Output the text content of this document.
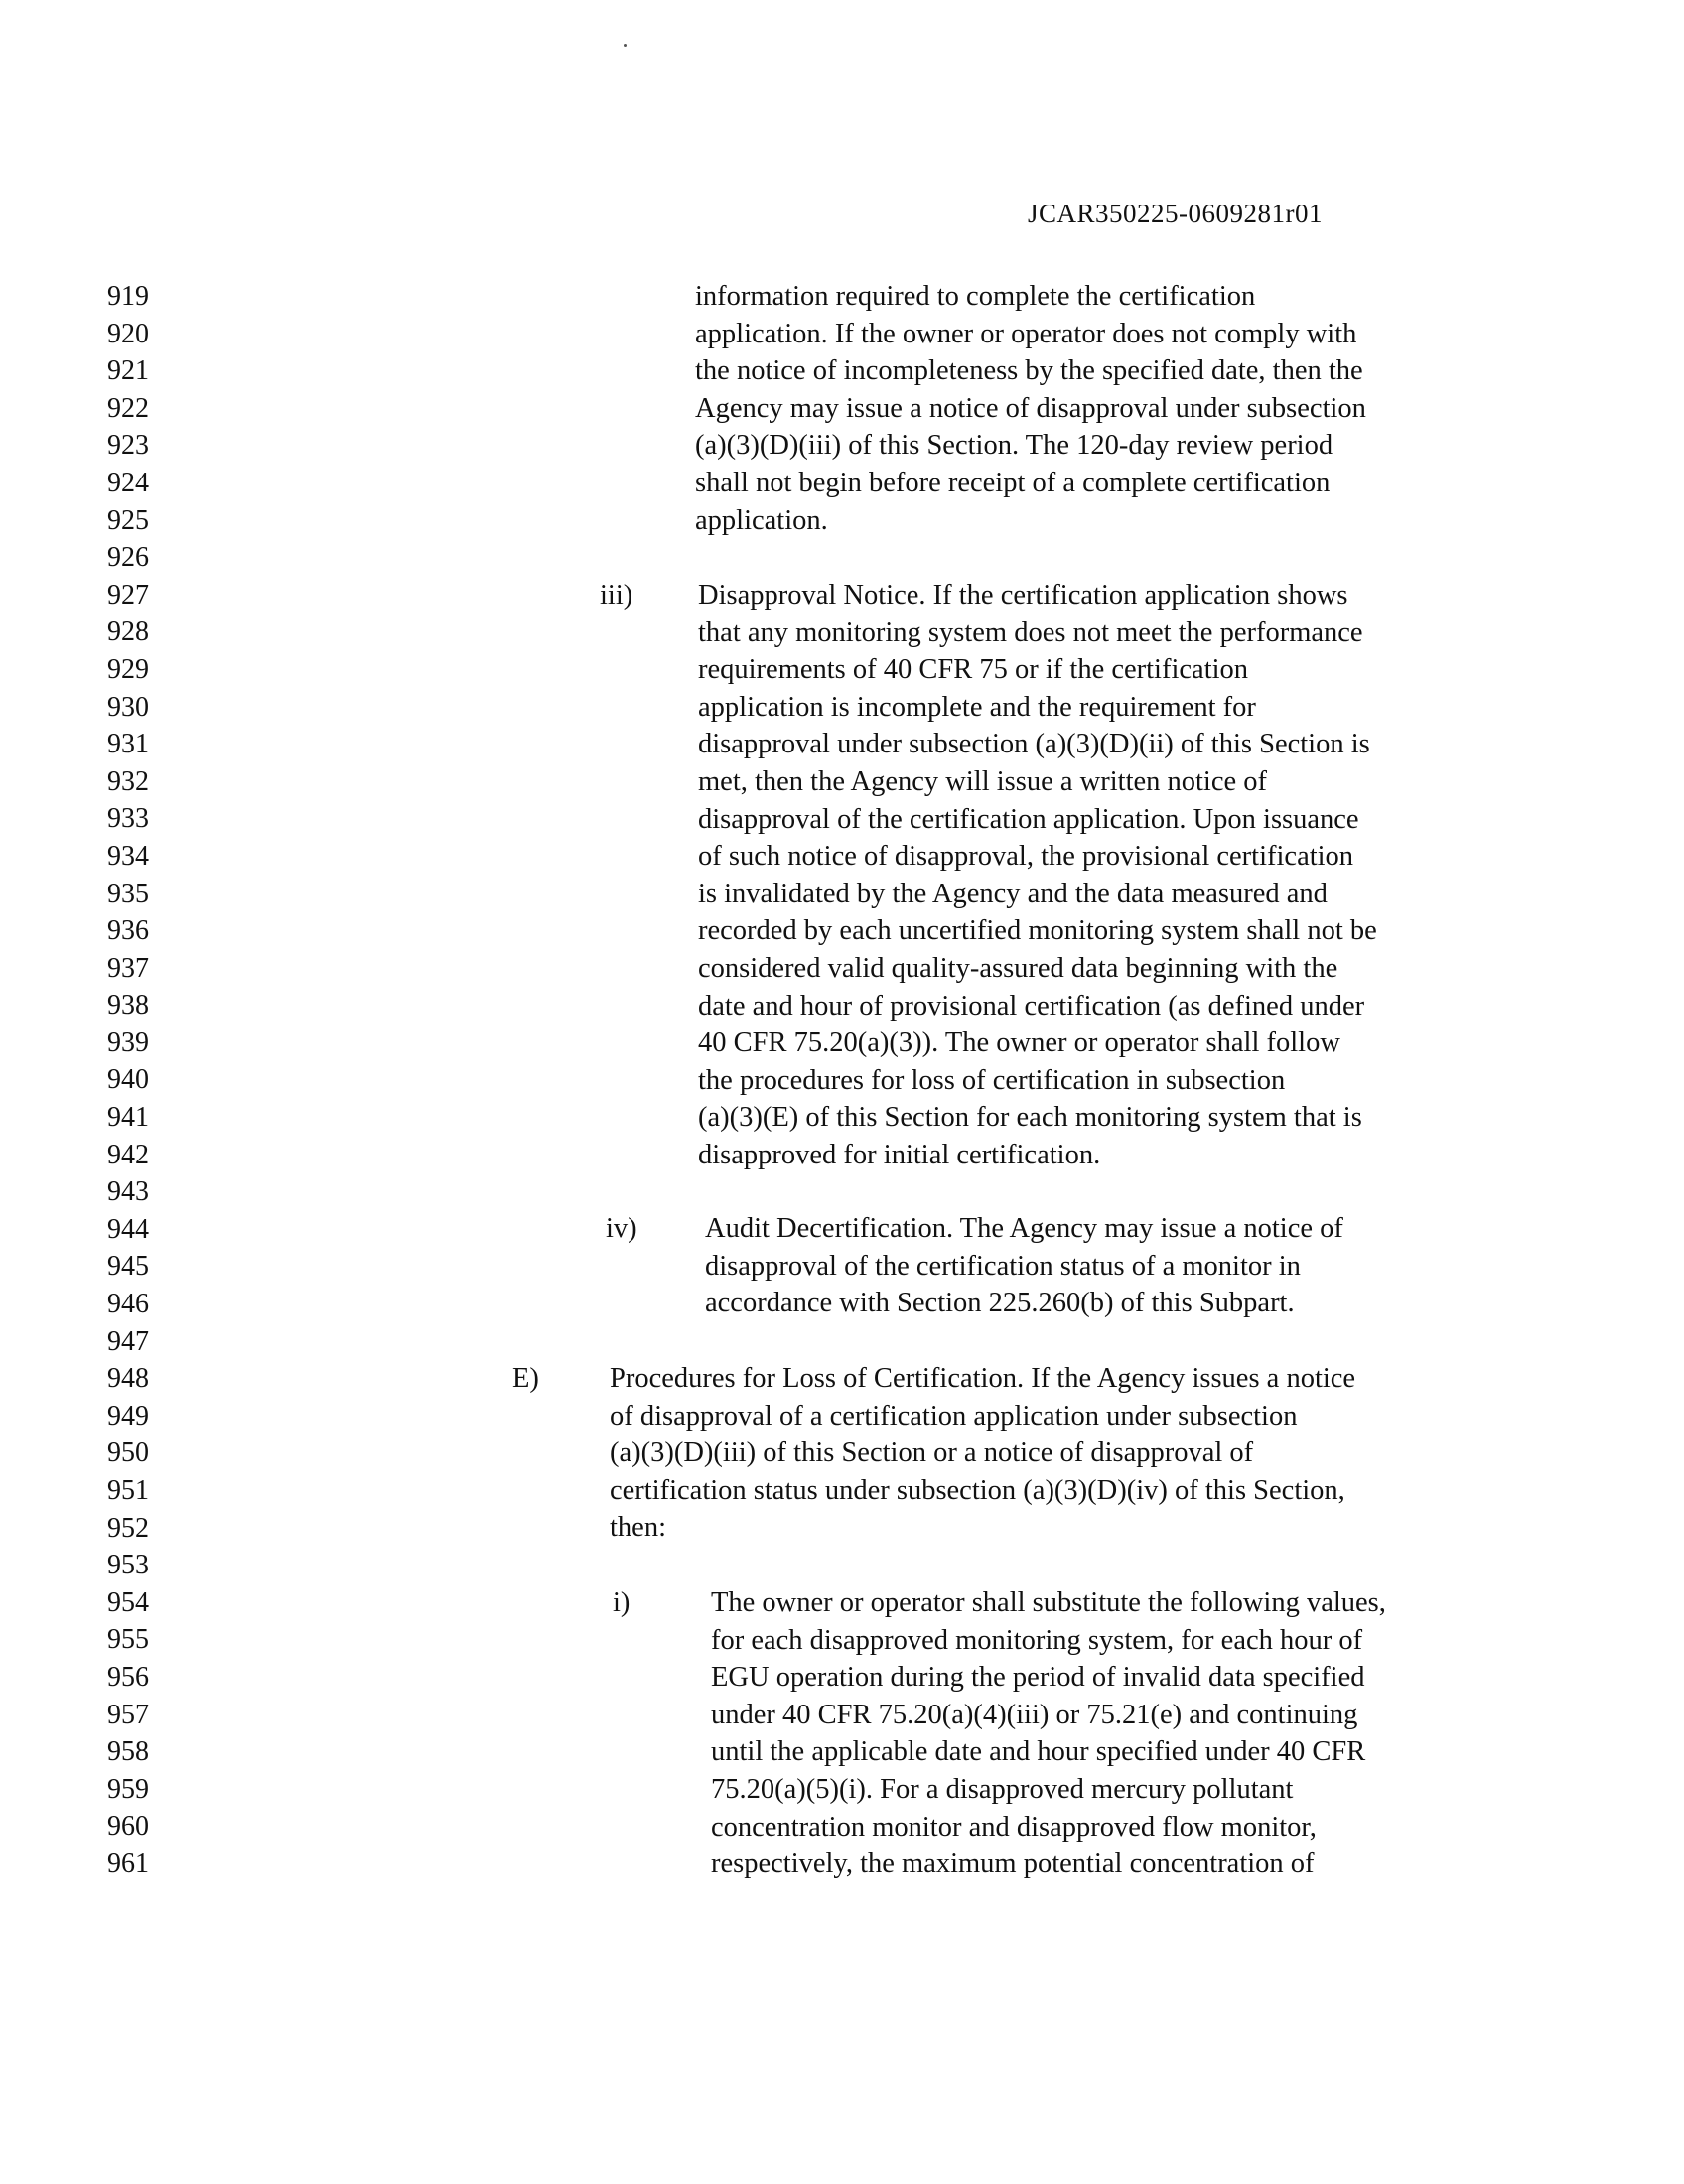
JCAR350225-0609281r01
919
920
921
922
923
924
925
926
927
928
929
930
931
932
933
934
935
936
937
938
939
940
941
942
943
944
945
946
947
948
949
950
951
952
953
954
955
956
957
958
959
960
961
information required to complete the certification
application. If the owner or operator does not comply with
the notice of incompleteness by the specified date, then the
Agency may issue a notice of disapproval under subsection
(a)(3)(D)(iii) of this Section. The 120-day review period
shall not begin before receipt of a complete certification
application.
iii) Disapproval Notice. If the certification application shows
that any monitoring system does not meet the performance
requirements of 40 CFR 75 or if the certification
application is incomplete and the requirement for
disapproval under subsection (a)(3)(D)(ii) of this Section is
met, then the Agency will issue a written notice of
disapproval of the certification application. Upon issuance
of such notice of disapproval, the provisional certification
is invalidated by the Agency and the data measured and
recorded by each uncertified monitoring system shall not be
considered valid quality-assured data beginning with the
date and hour of provisional certification (as defined under
40 CFR 75.20(a)(3)). The owner or operator shall follow
the procedures for loss of certification in subsection
(a)(3)(E) of this Section for each monitoring system that is
disapproved for initial certification.
iv) Audit Decertification. The Agency may issue a notice of
disapproval of the certification status of a monitor in
accordance with Section 225.260(b) of this Subpart.
E) Procedures for Loss of Certification. If the Agency issues a notice
of disapproval of a certification application under subsection
(a)(3)(D)(iii) of this Section or a notice of disapproval of
certification status under subsection (a)(3)(D)(iv) of this Section,
then:
i)	The owner or operator shall substitute the following values,
for each disapproved monitoring system, for each hour of
EGU operation during the period of invalid data specified
under 40 CFR 75.20(a)(4)(iii) or 75.21(e) and continuing
until the applicable date and hour specified under 40 CFR
75.20(a)(5)(i). For a disapproved mercury pollutant
concentration monitor and disapproved flow monitor,
respectively, the maximum potential concentration of
